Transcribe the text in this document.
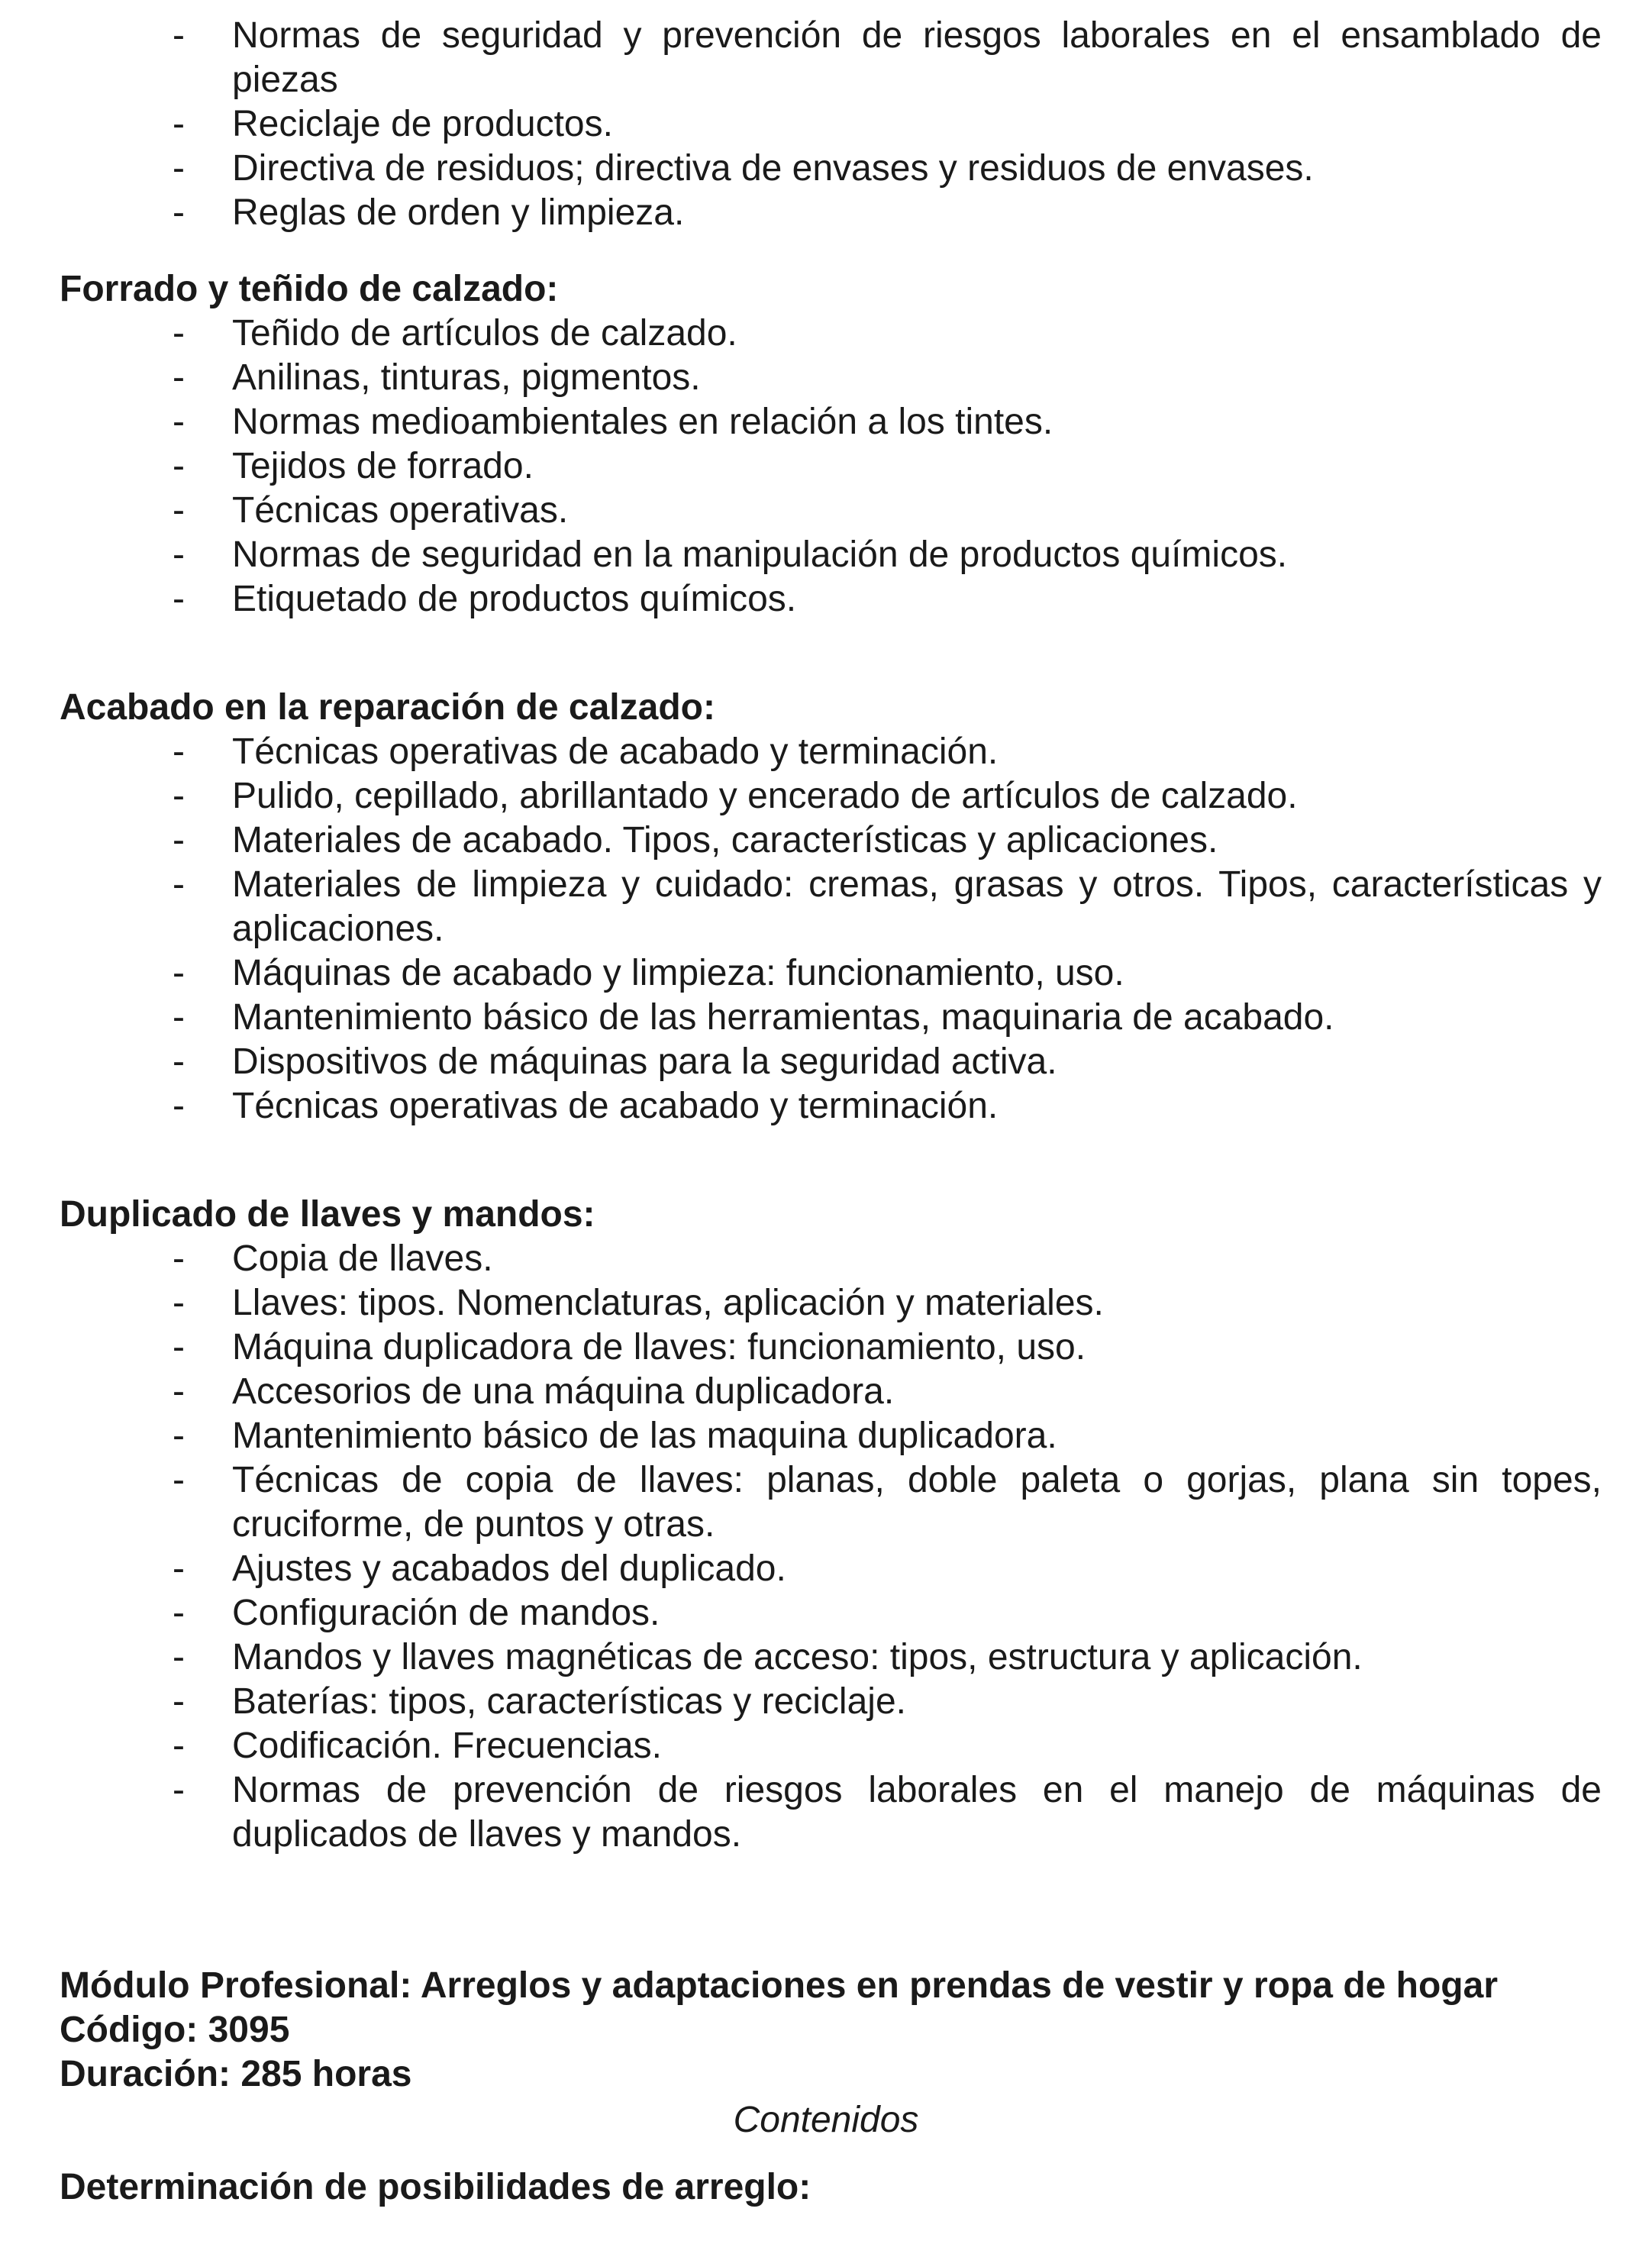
- Normas de seguridad y prevención de riesgos laborales en el ensamblado de piezas
- Reciclaje de productos.
- Directiva de residuos; directiva de envases y residuos de envases.
- Reglas de orden y limpieza.
Forrado y teñido de calzado:
- Teñido de artículos de calzado.
- Anilinas, tinturas, pigmentos.
- Normas medioambientales en relación a los tintes.
- Tejidos de forrado.
- Técnicas operativas.
- Normas de seguridad en la manipulación de productos químicos.
- Etiquetado de productos químicos.
Acabado en la reparación de calzado:
- Técnicas operativas de acabado y terminación.
- Pulido, cepillado, abrillantado y encerado de artículos de calzado.
- Materiales de acabado. Tipos, características y aplicaciones.
- Materiales de limpieza y cuidado: cremas, grasas y otros. Tipos, características y aplicaciones.
- Máquinas de acabado y limpieza: funcionamiento, uso.
- Mantenimiento básico de las herramientas, maquinaria de acabado.
- Dispositivos de máquinas para la seguridad activa.
- Técnicas operativas de acabado y terminación.
Duplicado de llaves y mandos:
- Copia de llaves.
- Llaves: tipos. Nomenclaturas, aplicación y materiales.
- Máquina duplicadora de llaves: funcionamiento, uso.
- Accesorios de una máquina duplicadora.
- Mantenimiento básico de las maquina duplicadora.
- Técnicas de copia de llaves: planas, doble paleta o gorjas, plana sin topes, cruciforme, de puntos y otras.
- Ajustes y acabados del duplicado.
- Configuración de mandos.
- Mandos y llaves magnéticas de acceso: tipos, estructura y aplicación.
- Baterías: tipos, características y reciclaje.
- Codificación. Frecuencias.
- Normas de prevención de riesgos laborales en el manejo de máquinas de duplicados de llaves y mandos.
Módulo Profesional: Arreglos y adaptaciones en prendas de vestir y ropa de hogar
Código: 3095
Duración: 285 horas
Contenidos
Determinación de posibilidades de arreglo:
